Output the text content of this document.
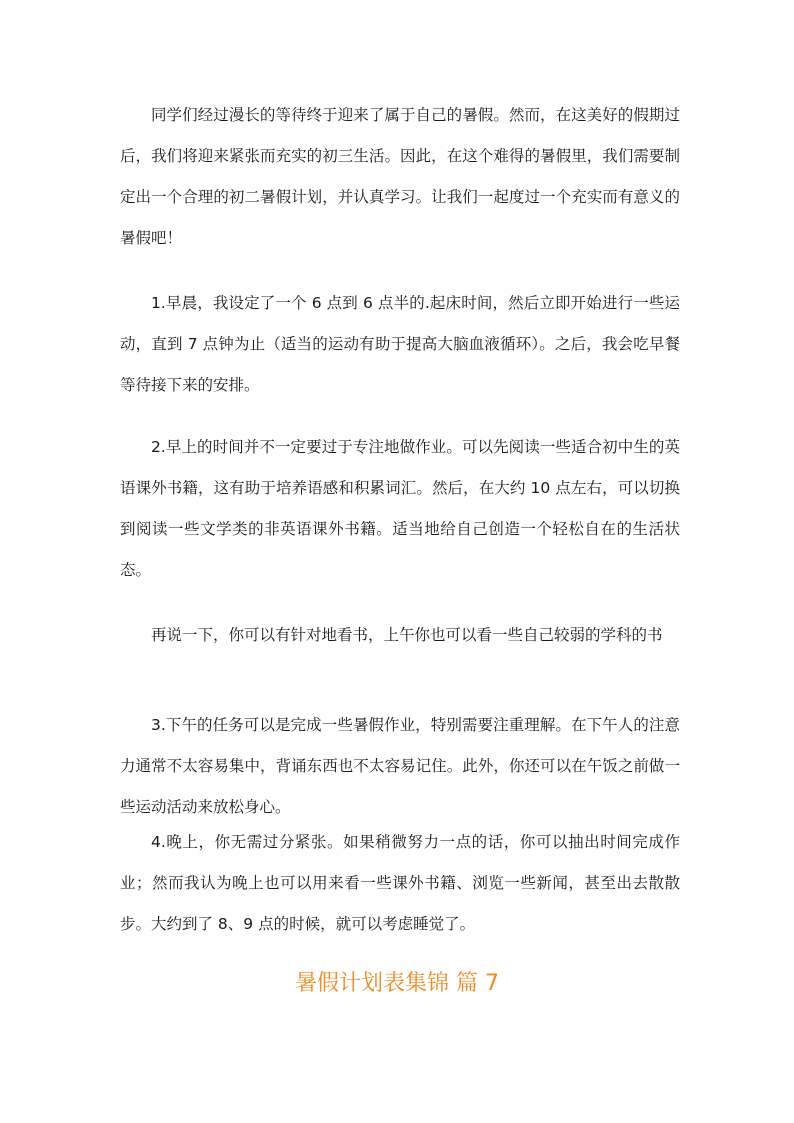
同学们经过漫长的等待终于迎来了属于自己的暑假。然而，在这美好的假期过后，我们将迎来紧张而充实的初三生活。因此，在这个难得的暑假里，我们需要制定出一个合理的初二暑假计划，并认真学习。让我们一起度过一个充实而有意义的暑假吧！

1.早晨，我设定了一个 6 点到 6 点半的.起床时间，然后立即开始进行一些运动，直到 7 点钟为止（适当的运动有助于提高大脑血液循环）。之后，我会吃早餐等待接下来的安排。

2.早上的时间并不一定要过于专注地做作业。可以先阅读一些适合初中生的英语课外书籍，这有助于培养语感和积累词汇。然后，在大约 10 点左右，可以切换到阅读一些文学类的非英语课外书籍。适当地给自己创造一个轻松自在的生活状态。

再说一下，你可以有针对地看书，上午你也可以看一些自己较弱的学科的书

3.下午的任务可以是完成一些暑假作业，特别需要注重理解。在下午人的注意力通常不太容易集中，背诵东西也不太容易记住。此外，你还可以在午饭之前做一些运动活动来放松身心。

4.晚上，你无需过分紧张。如果稍微努力一点的话，你可以抽出时间完成作业；然而我认为晚上也可以用来看一些课外书籍、浏览一些新闻，甚至出去散散步。大约到了 8、9 点的时候，就可以考虑睡觉了。

暑假计划表集锦 篇 7
